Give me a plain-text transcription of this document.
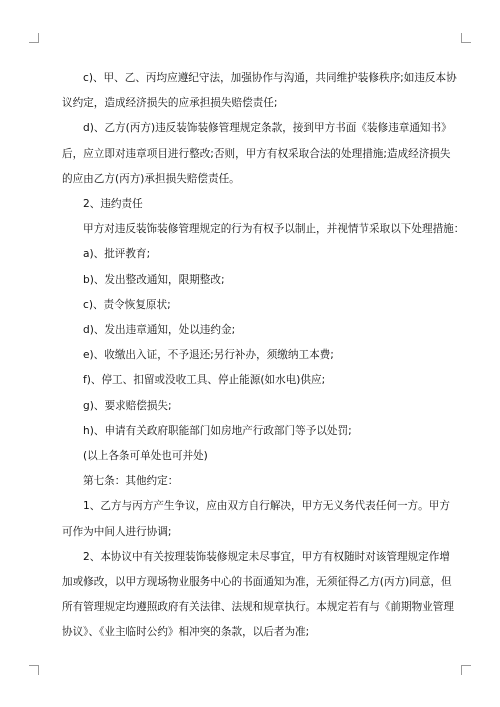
c)、甲、乙、丙均应遵纪守法，加强协作与沟通，共同维护装修秩序;如违反本协

议约定，造成经济损失的应承担损失赔偿责任;

d)、乙方(丙方)违反装饰装修管理规定条款，接到甲方书面《装修违章通知书》

后，应立即对违章项目进行整改;否则，甲方有权采取合法的处理措施;造成经济损失

的应由乙方(丙方)承担损失赔偿责任。

2、违约责任

甲方对违反装饰装修管理规定的行为有权予以制止，并视情节采取以下处理措施：

a)、批评教育;

b)、发出整改通知，限期整改;

c)、责令恢复原状;

d)、发出违章通知，处以违约金;

e)、收缴出入证，不予退还;另行补办，须缴纳工本费;

f)、停工、扣留或没收工具、停止能源(如水电)供应;

g)、要求赔偿损失;

h)、申请有关政府职能部门如房地产行政部门等予以处罚;

(以上各条可单处也可并处)

第七条：其他约定：

1、乙方与丙方产生争议，应由双方自行解决，甲方无义务代表任何一方。甲方

可作为中间人进行协调;

2、本协议中有关按理装饰装修规定未尽事宜，甲方有权随时对该管理规定作增

加或修改，以甲方现场物业服务中心的书面通知为准，无须征得乙方(丙方)同意，但

所有管理规定均遵照政府有关法律、法规和规章执行。本规定若有与《前期物业管理

协议》、《业主临时公约》相冲突的条款，以后者为准;
